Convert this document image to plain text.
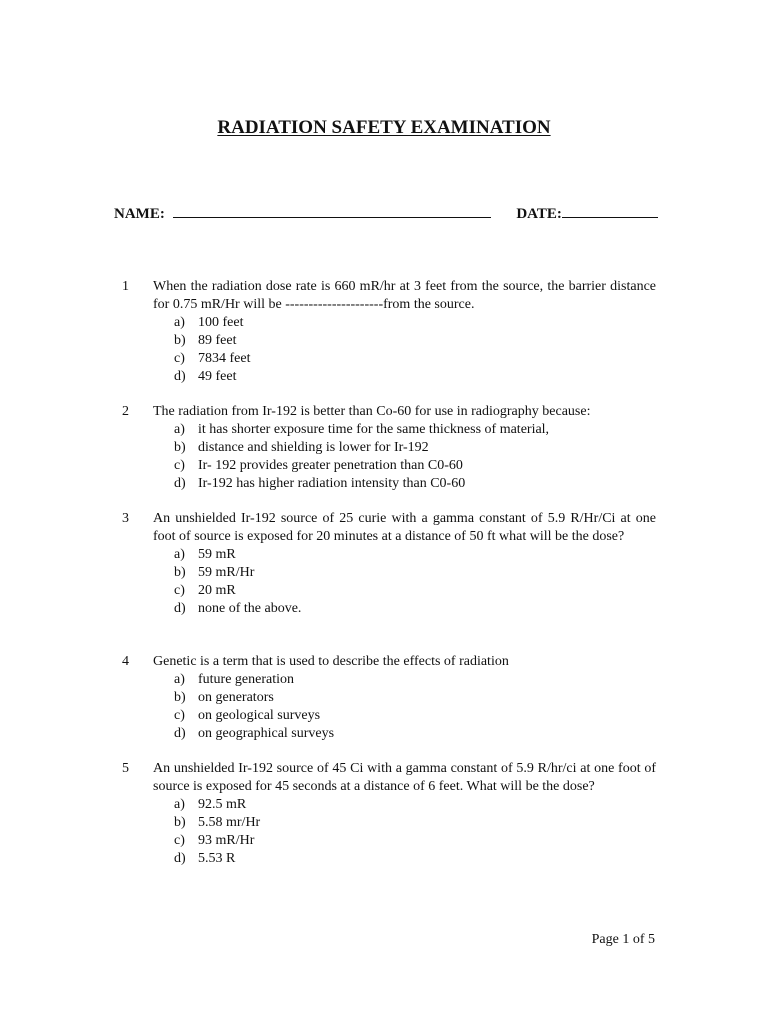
RADIATION SAFETY EXAMINATION
NAME:	DATE:
1 When the radiation dose rate is 660 mR/hr at 3 feet from the source, the barrier distance for 0.75 mR/Hr will be ---------------------from the source.
a) 100 feet
b) 89 feet
c) 7834 feet
d) 49 feet
2 The radiation from Ir-192 is better than Co-60 for use in radiography because:
a) it has shorter exposure time for the same thickness of material,
b) distance and shielding is lower for Ir-192
c) Ir- 192 provides greater penetration than C0-60
d) Ir-192 has higher radiation intensity than C0-60
3 An unshielded Ir-192 source of 25 curie with a gamma constant of 5.9 R/Hr/Ci at one foot of source is exposed for 20 minutes at a distance of 50 ft what will be the dose?
a) 59 mR
b) 59 mR/Hr
c) 20 mR
d) none of the above.
4 Genetic is a term that is used to describe the effects of radiation
a) future generation
b) on generators
c) on geological surveys
d) on geographical surveys
5 An unshielded Ir-192 source of 45 Ci with a gamma constant of 5.9 R/hr/ci at one foot of source is exposed for 45 seconds at a distance of 6 feet. What will be the dose?
a) 92.5 mR
b) 5.58 mr/Hr
c) 93 mR/Hr
d) 5.53 R
Page 1 of 5
